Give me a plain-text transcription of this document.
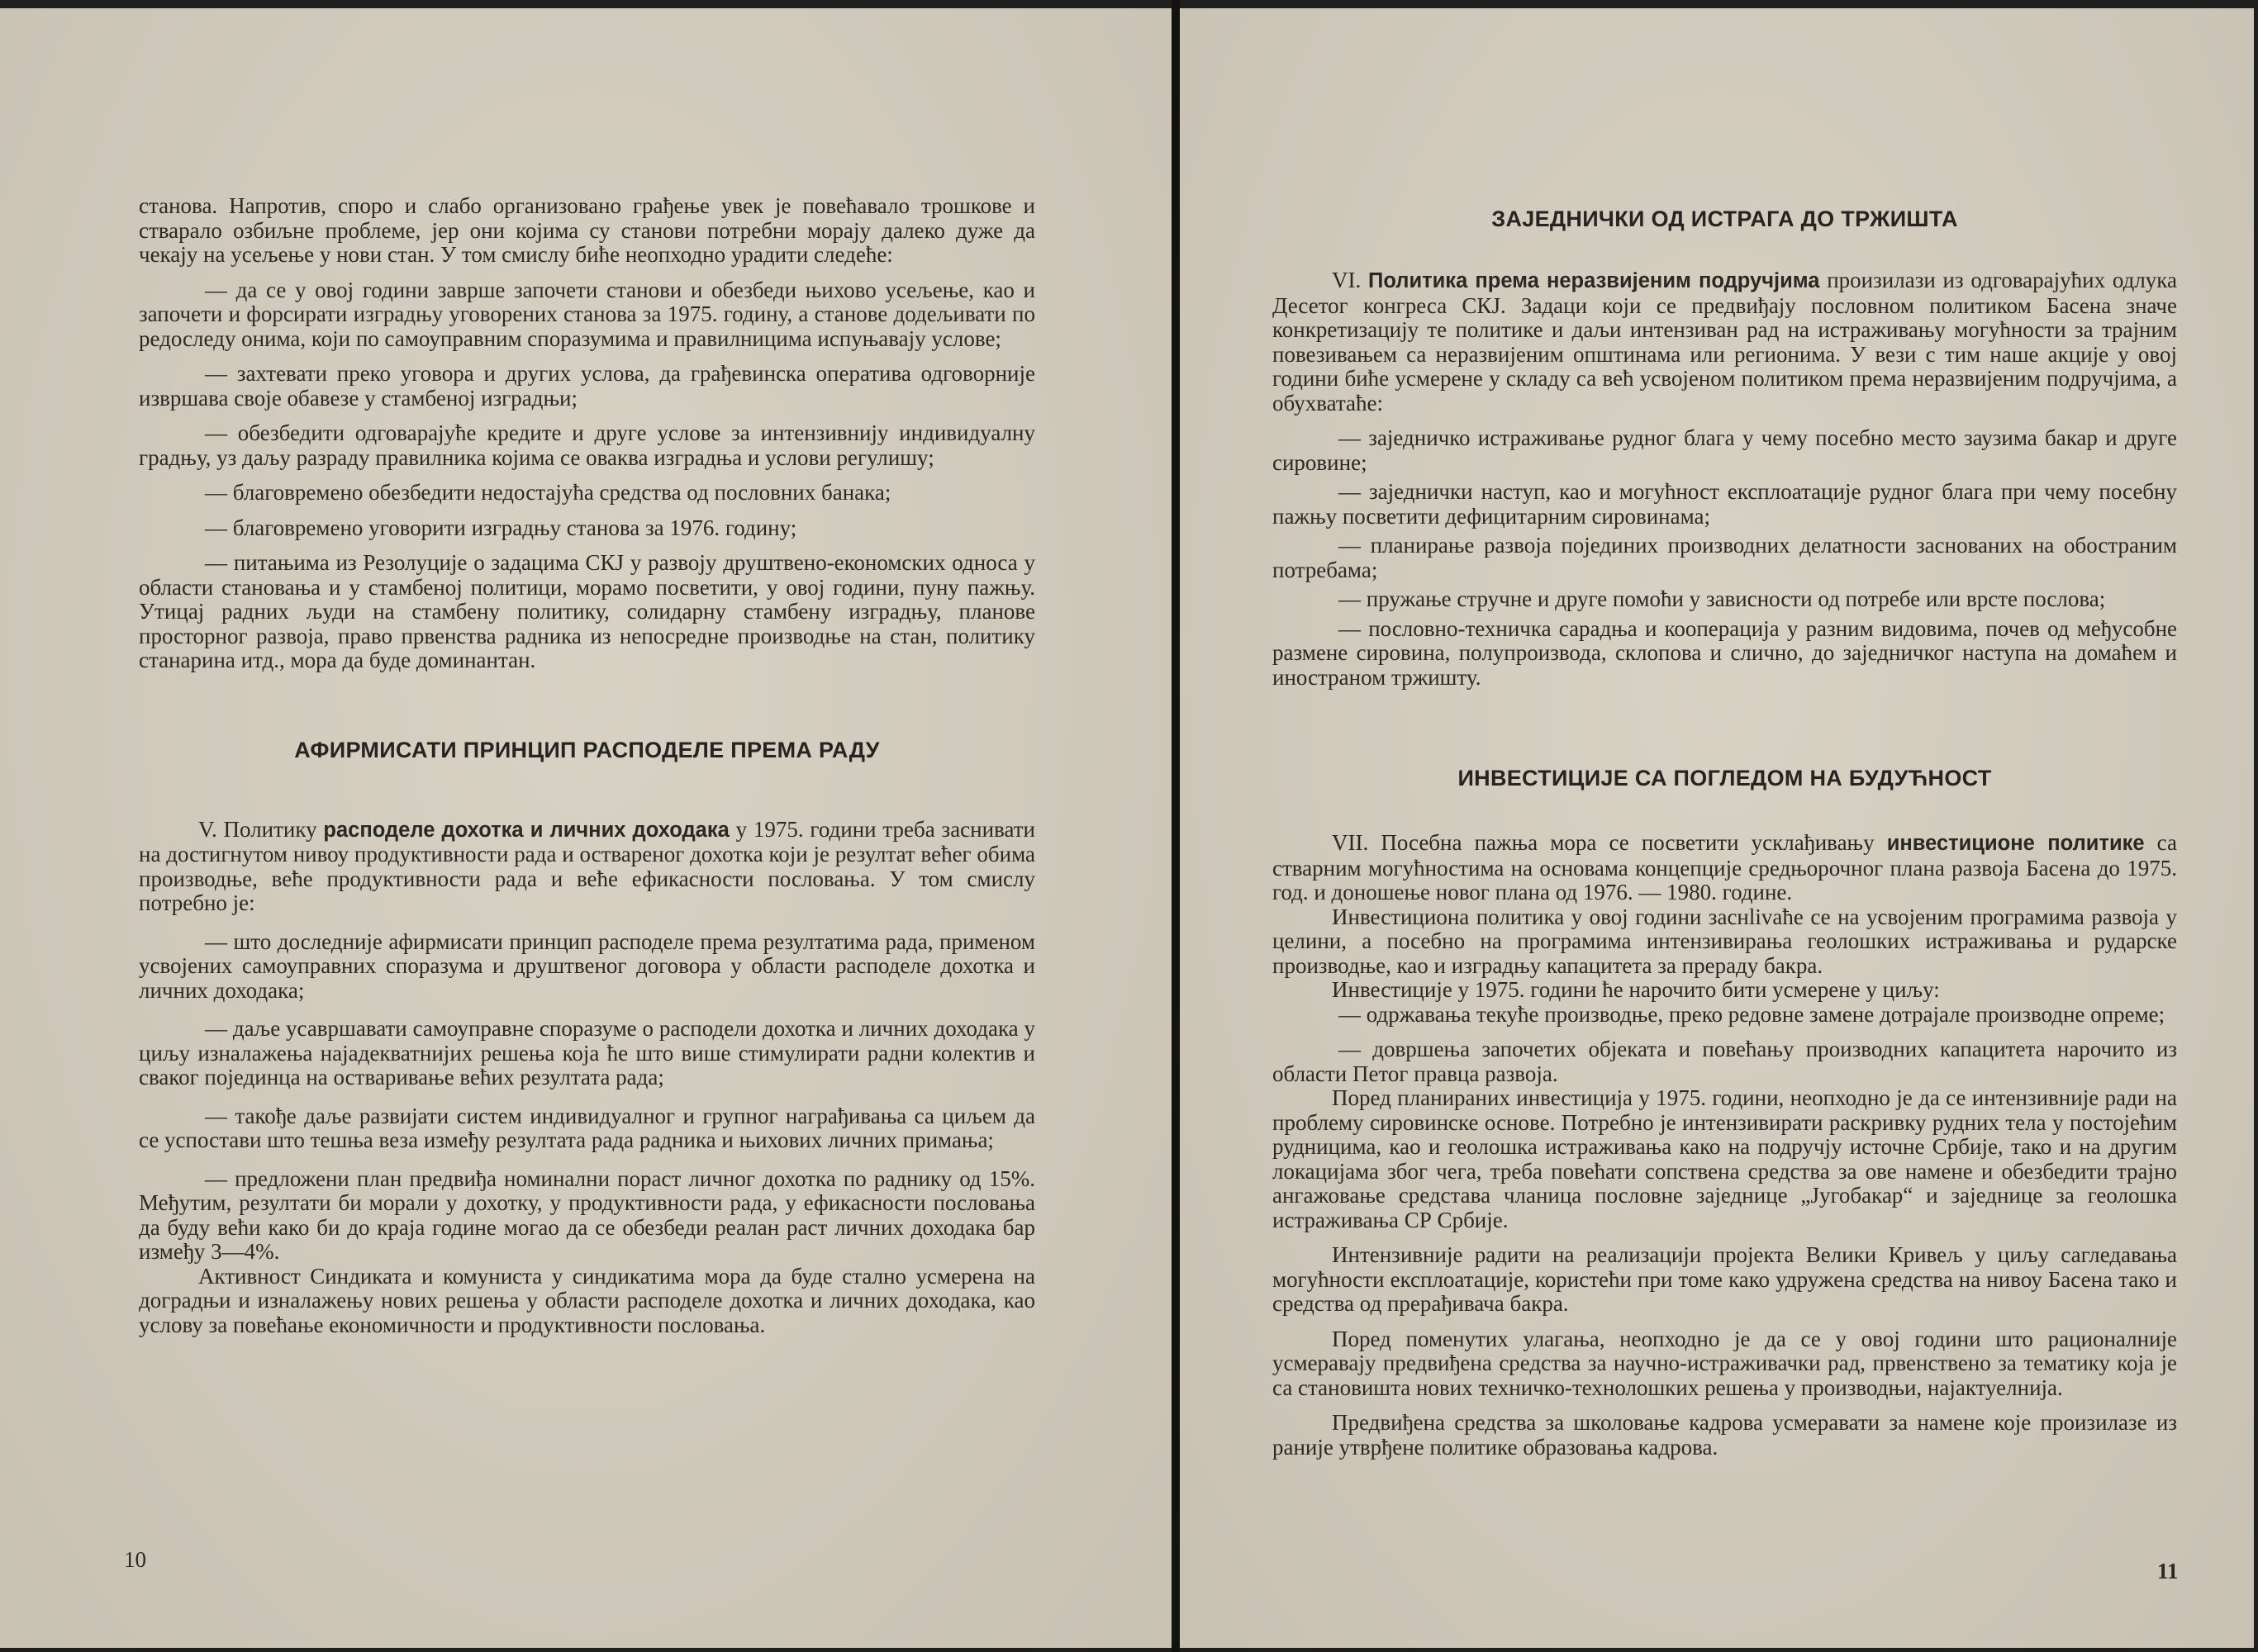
станова. Напротив, споро и слабо организовано грађење увек је повећавало трошкове и стварало озбиљне проблеме, јер они којима су станови потребни морају далеко дуже да чекају на усељење у нови стан. У том смислу биће неопходно урадити следеће:

— да се у овој години заврше започети станови и обезбеди њихово усељење, као и започети и форсирати изградњу уговорених станова за 1975. годину, а станове додељивати по редоследу онима, који по самоуправним споразумима и правилницима испуњавају услове;

— захтевати преко уговора и других услова, да грађевинска оператива одговорније извршава своје обавезе у стамбеној изградњи;

— обезбедити одговарајуће кредите и друге услове за интензивнију индивидуалну градњу, уз даљу разраду правилника којима се оваква изградња и услови регулишу;

— благовремено обезбедити недостајућа средства од пословних банака;

— благовремено уговорити изградњу станова за 1976. годину;

— питањима из Резолуције о задацима СКЈ у развоју друштвено-економских односа у области становања и у стамбеној политици, морамо посветити, у овој години, пуну пажњу. Утицај радних људи на стамбену политику, солидарну стамбену изградњу, планове просторног развоја, право првенства радника из непосредне производње на стан, политику станарина итд., мора да буде доминантан.

АФИРМИСАТИ ПРИНЦИП РАСПОДЕЛЕ ПРЕМА РАДУ

V. Политику расподеле дохотка и личних доходака у 1975. години треба заснивати на достигнутом нивоу продуктивности рада и оствареног дохотка који је резултат већег обима производње, веће продуктивности рада и веће ефикасности пословања. У том смислу потребно је:

— што доследније афирмисати принцип расподеле према резултатима рада, применом усвојених самоуправних споразума и друштвеног договора у области расподеле дохотка и личних доходака;

— даље усавршавати самоуправне споразуме о расподели дохотка и личних доходака у циљу изналажења најадекватнијих решења која ће што више стимулирати радни колектив и сваког појединца на остваривање већих резултата рада;

— такође даље развијати систем индивидуалног и групног награђивања са циљем да се успостави што тешња веза између резултата рада радника и њихових личних примања;

— предложени план предвиђа номинални пораст личног дохотка по раднику од 15%. Међутим, резултати би морали у дохотку, у продуктивности рада, у ефикасности пословања да буду већи како би до краја године могао да се обезбеди реалан раст личних доходака бар између 3—4%.

Активност Синдиката и комуниста у синдикатима мора да буде стално усмерена на доградњи и изналажењу нових решења у области расподеле дохотка и личних доходака, као услову за повећање економичности и продуктивности пословања.

10
ЗАЈЕДНИЧКИ ОД ИСТРАГА ДО ТРЖИШТА

VI. Политика према неразвијеним подручјима произилази из одговарајућих одлука Десетог конгреса СКЈ. Задаци који се предвиђају пословном политиком Басена значе конкретизацију те политике и даљи интензиван рад на истраживању могућности за трајним повезивањем са неразвијеним општинама или регионима. У вези с тим наше акције у овој години биће усмерене у складу са већ усвојеном политиком према неразвијеним подручјима, а обухватаће:

— заједничко истраживање рудног блага у чему посебно место заузима бакар и друге сировине;

— заједнички наступ, као и могућност експлоатације рудног блага при чему посебну пажњу посветити дефицитарним сировинама;

— планирање развоја појединих производних делатности заснованих на обостраним потребама;

— пружање стручне и друге помоћи у зависности од потребе или врсте послова;

— пословно-техничка сарадња и кооперација у разним видовима, почев од међусобне размене сировина, полупроизвода, склопова и слично, до заједничког наступа на домаћем и иностраном тржишту.

ИНВЕСТИЦИЈЕ СА ПОГЛЕДОМ НА БУДУЋНОСТ

VII. Посебна пажња мора се посветити усклађивању инвестиционе политике са стварним могућностима на основама концепције средњорочног плана развоја Басена до 1975. год. и доношење новог плана од 1976. — 1980. године.

Инвестициона политика у овој години заснlivaће се на усвојеним програмима развоја у целини, а посебно на програмима интензивирања геолошких истраживања и рударске производње, као и изградњу капацитета за прераду бакра.

Инвестиције у 1975. години ће нарочито бити усмерене у циљу:

— одржавања текуће производње, преко редовне замене дотрајале производне опреме;

— довршења започетих објеката и повећању производних капацитета нарочито из области Петог правца развоја.

Поред планираних инвестиција у 1975. години, неопходно је да се интензивније ради на проблему сировинске основе. Потребно је интензивирати раскривку рудних тела у постојећим рудницима, као и геолошка истраживања како на подручју источне Србије, тако и на другим локацијама због чега, треба повећати сопствена средства за ове намене и обезбедити трајно ангажовање средстава чланица пословне заједнице „Југобакар“ и заједнице за геолошка истраживања СР Србије.

Интензивније радити на реализацији пројекта Велики Кривељ у циљу сагледавања могућности експлоатације, користећи при томе како удружена средства на нивоу Басена тако и средства од прерађивача бакра.

Поред поменутих улагања, неопходно је да се у овој години што рационалније усмеравају предвиђена средства за научно-истраживачки рад, првенствено за тематику која је са становишта нових техничко-технолошких решења у производњи, најактуелнија.

Предвиђена средства за школовање кадрова усмеравати за намене које произилазе из раније утврђене политике образовања кадрова.

11
